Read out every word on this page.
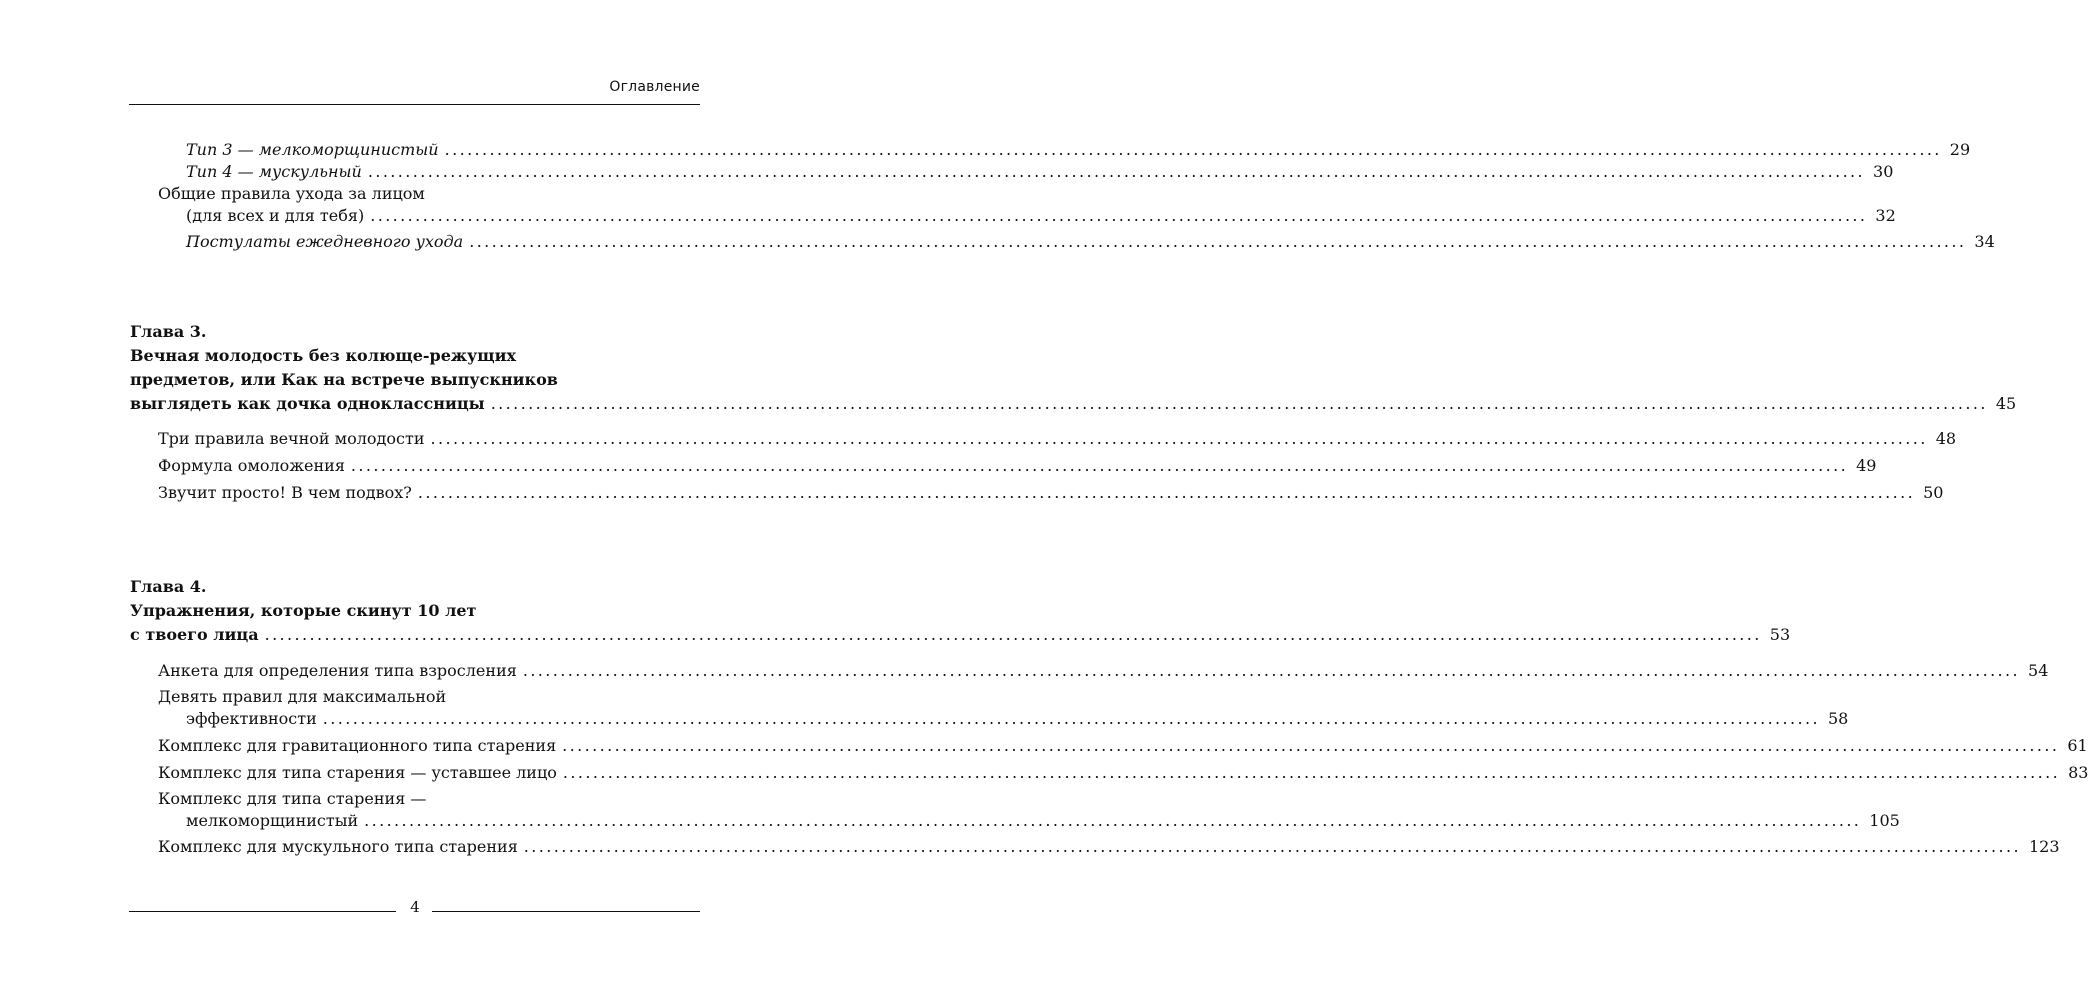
Оглавление
Тип 3 — мелкоморщинистый ........................................................................................................................................................................................................ 29
Тип 4 — мускульный ........................................................................................................................................................................................................ 30
Общие правила ухода за лицом
(для всех и для тебя) ........................................................................................................................................................................................................ 32
Постулаты ежедневного ухода ........................................................................................................................................................................................................ 34
Глава 3.
Вечная молодость без колюще-режущих
предметов, или Как на встрече выпускников
выглядеть как дочка одноклассницы ........................................................................................................................................................................................................ 45
Три правила вечной молодости ........................................................................................................................................................................................................ 48
Формула омоложения ........................................................................................................................................................................................................ 49
Звучит просто! В чем подвох? ........................................................................................................................................................................................................ 50
Глава 4.
Упражнения, которые скинут 10 лет
с твоего лица ........................................................................................................................................................................................................ 53
Анкета для определения типа взросления ........................................................................................................................................................................................................ 54
Девять правил для максимальной
эффективности ........................................................................................................................................................................................................ 58
Комплекс для гравитационного типа старения ........................................................................................................................................................................................................ 61
Комплекс для типа старения — уставшее лицо ........................................................................................................................................................................................................ 83
Комплекс для типа старения —
мелкоморщинистый ........................................................................................................................................................................................................ 105
Комплекс для мускульного типа старения ........................................................................................................................................................................................................ 123
4
